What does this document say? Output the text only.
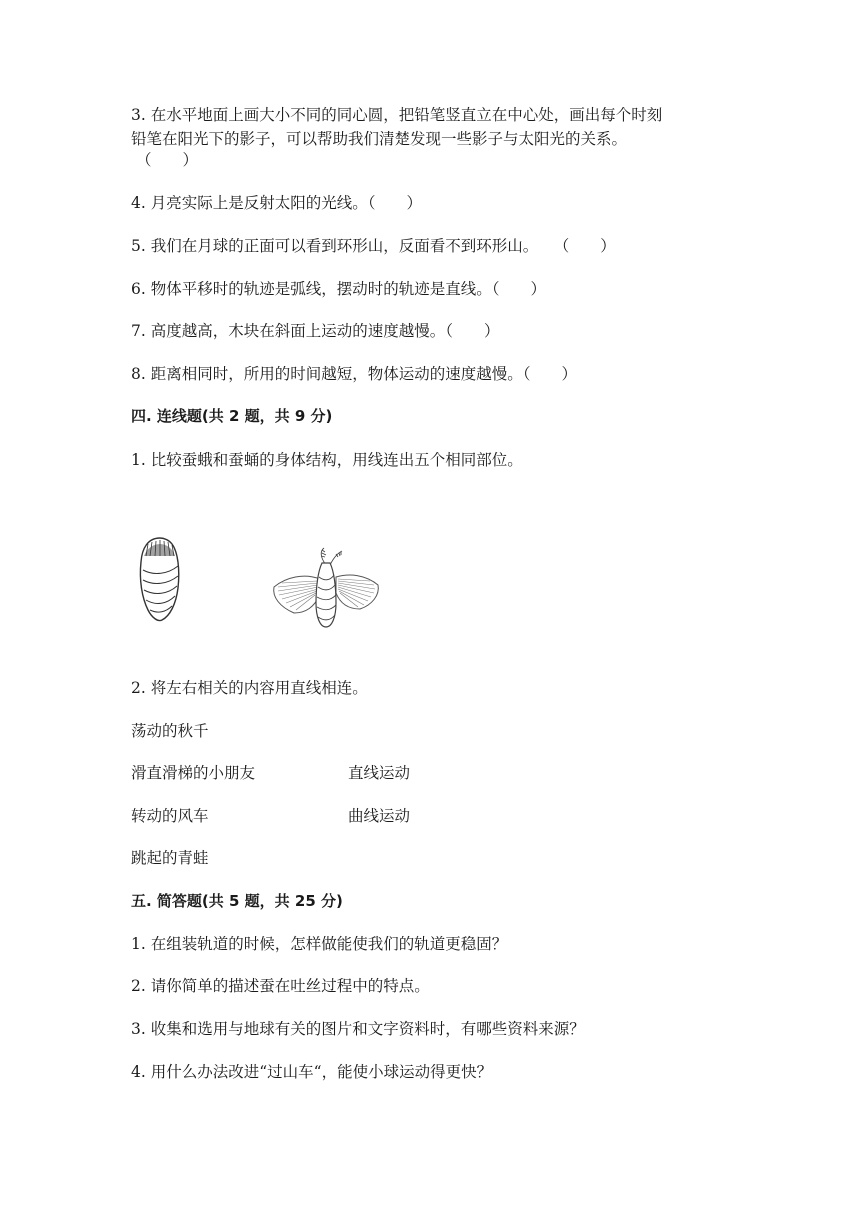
3. 在水平地面上画大小不同的同心圆，把铅笔竖直立在中心处，画出每个时刻
铅笔在阳光下的影子，可以帮助我们清楚发现一些影子与太阳光的关系。
（　　）
4. 月亮实际上是反射太阳的光线。（　　）
5. 我们在月球的正面可以看到环形山，反面看不到环形山。　　（　　）
6. 物体平移时的轨迹是弧线，摆动时的轨迹是直线。（　　）
7. 高度越高，木块在斜面上运动的速度越慢。（　　）
8. 距离相同时，所用的时间越短，物体运动的速度越慢。（　　）
四. 连线题(共 2 题，共 9 分)
1. 比较蚕蛾和蚕蛹的身体结构，用线连出五个相同部位。
2. 将左右相关的内容用直线相连。
荡动的秋千
滑直滑梯的小朋友	直线运动
转动的风车	曲线运动
跳起的青蛙
五. 简答题(共 5 题，共 25 分)
1. 在组装轨道的时候，怎样做能使我们的轨道更稳固？
2. 请你简单的描述蚕在吐丝过程中的特点。
3. 收集和选用与地球有关的图片和文字资料时，有哪些资料来源？
4. 用什么办法改进“过山车“，能使小球运动得更快？
